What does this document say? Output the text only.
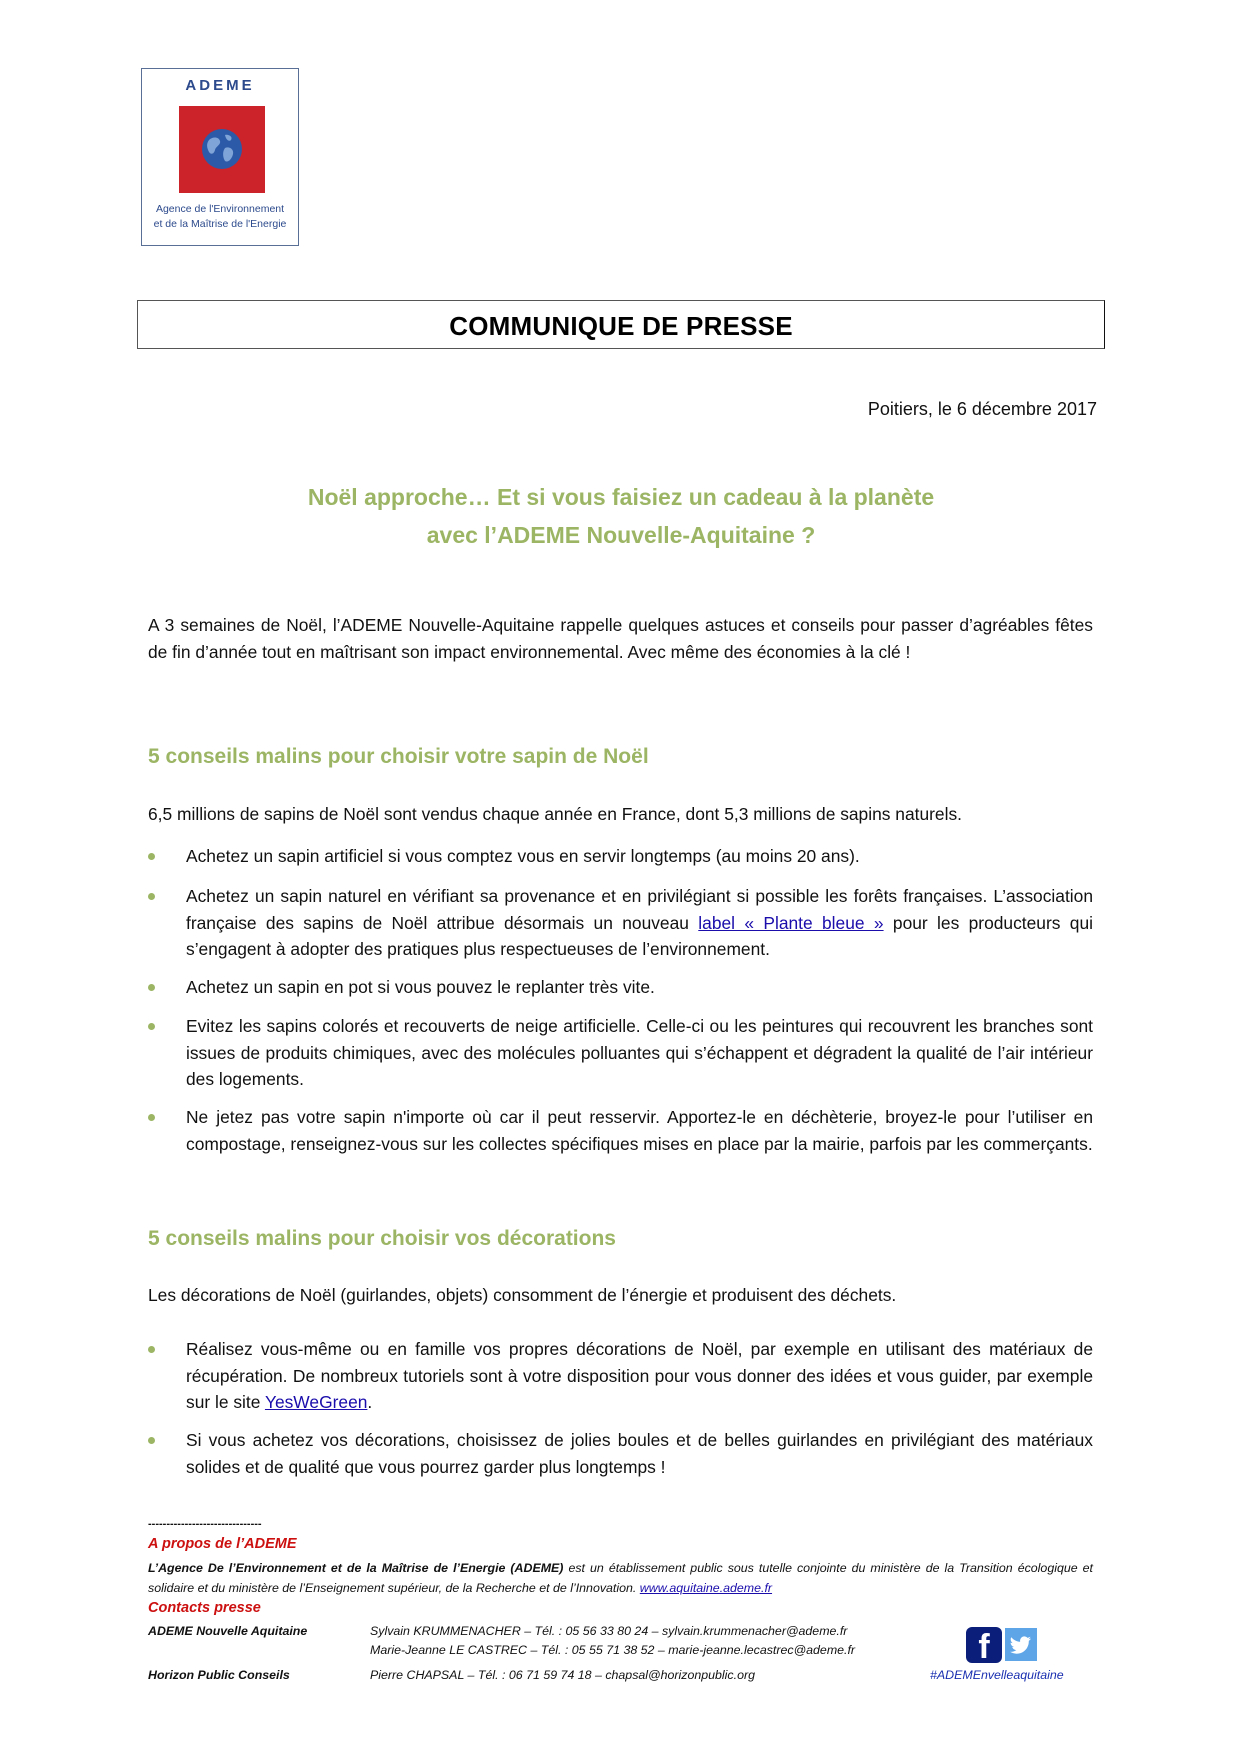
ADEME
Agence de l'Environnement
et de la Maîtrise de l'Energie
COMMUNIQUE DE PRESSE
Poitiers, le 6 décembre 2017
Noël approche… Et si vous faisiez un cadeau à la planète
avec l’ADEME Nouvelle-Aquitaine ?
A 3 semaines de Noël, l’ADEME Nouvelle-Aquitaine rappelle quelques astuces et conseils pour passer d’agréables fêtes de fin d’année tout en maîtrisant son impact environnemental. Avec même des économies à la clé !
5 conseils malins pour choisir votre sapin de Noël
6,5 millions de sapins de Noël sont vendus chaque année en France, dont 5,3 millions de sapins naturels.
Achetez un sapin artificiel si vous comptez vous en servir longtemps (au moins 20 ans).
Achetez un sapin naturel en vérifiant sa provenance et en privilégiant si possible les forêts françaises. L’association française des sapins de Noël attribue désormais un nouveau label « Plante bleue » pour les producteurs qui s’engagent à adopter des pratiques plus respectueuses de l’environnement.
Achetez un sapin en pot si vous pouvez le replanter très vite.
Evitez les sapins colorés et recouverts de neige artificielle. Celle-ci ou les peintures qui recouvrent les branches sont issues de produits chimiques, avec des molécules polluantes qui s’échappent et dégradent la qualité de l’air intérieur des logements.
Ne jetez pas votre sapin n'importe où car il peut resservir. Apportez-le en déchèterie, broyez-le pour l’utiliser en compostage, renseignez-vous sur les collectes spécifiques mises en place par la mairie, parfois par les commerçants.
5 conseils malins pour choisir vos décorations
Les décorations de Noël (guirlandes, objets) consomment de l’énergie et produisent des déchets.
Réalisez vous-même ou en famille vos propres décorations de Noël, par exemple en utilisant des matériaux de récupération. De nombreux tutoriels sont à votre disposition pour vous donner des idées et vous guider, par exemple sur le site YesWeGreen.
Si vous achetez vos décorations, choisissez de jolies boules et de belles guirlandes en privilégiant des matériaux solides et de qualité que vous pourrez garder plus longtemps !
-------------------------------
A propos de l’ADEME
L’Agence De l’Environnement et de la Maîtrise de l’Energie (ADEME) est un établissement public sous tutelle conjointe du ministère de la Transition écologique et solidaire et du ministère de l’Enseignement supérieur, de la Recherche et de l’Innovation. www.aquitaine.ademe.fr
Contacts presse
ADEME Nouvelle Aquitaine	Sylvain KRUMMENACHER – Tél. : 05 56 33 80 24 – sylvain.krummenacher@ademe.fr
Marie-Jeanne LE CASTREC – Tél. : 05 55 71 38 52 – marie-jeanne.lecastrec@ademe.fr
Horizon Public Conseils	Pierre CHAPSAL – Tél. : 06 71 59 74 18 – chapsal@horizonpublic.org
f
#ADEMEnvelleaquitaine
